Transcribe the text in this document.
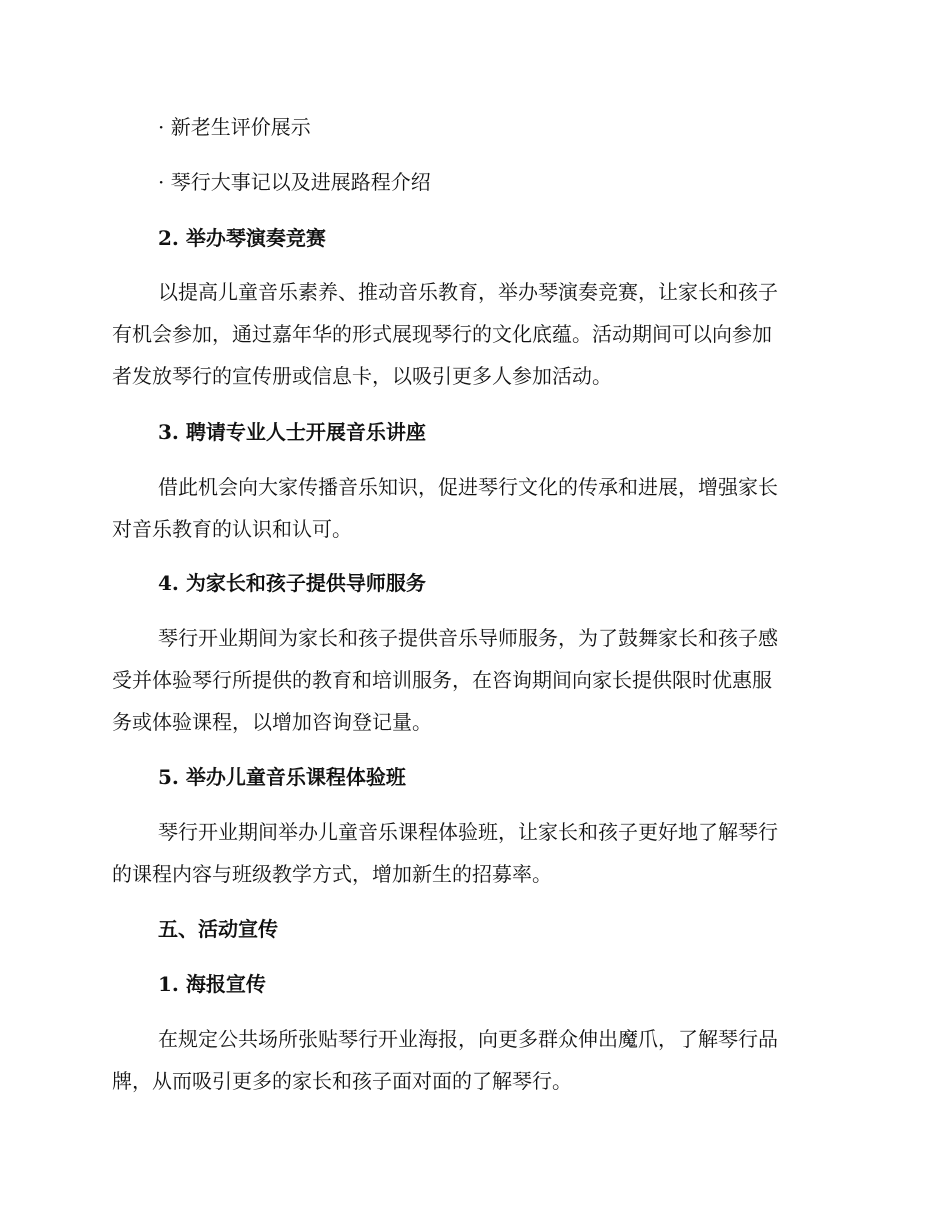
· 新老生评价展示
· 琴行大事记以及进展路程介绍
2. 举办琴演奏竞赛
以提高儿童音乐素养、推动音乐教育，举办琴演奏竞赛，让家长和孩子
有机会参加，通过嘉年华的形式展现琴行的文化底蕴。活动期间可以向参加
者发放琴行的宣传册或信息卡，以吸引更多人参加活动。
3. 聘请专业人士开展音乐讲座
借此机会向大家传播音乐知识，促进琴行文化的传承和进展，增强家长
对音乐教育的认识和认可。
4. 为家长和孩子提供导师服务
琴行开业期间为家长和孩子提供音乐导师服务，为了鼓舞家长和孩子感
受并体验琴行所提供的教育和培训服务，在咨询期间向家长提供限时优惠服
务或体验课程，以增加咨询登记量。
5. 举办儿童音乐课程体验班
琴行开业期间举办儿童音乐课程体验班，让家长和孩子更好地了解琴行
的课程内容与班级教学方式，增加新生的招募率。
五、活动宣传
1. 海报宣传
在规定公共场所张贴琴行开业海报，向更多群众伸出魔爪，了解琴行品
牌，从而吸引更多的家长和孩子面对面的了解琴行。
